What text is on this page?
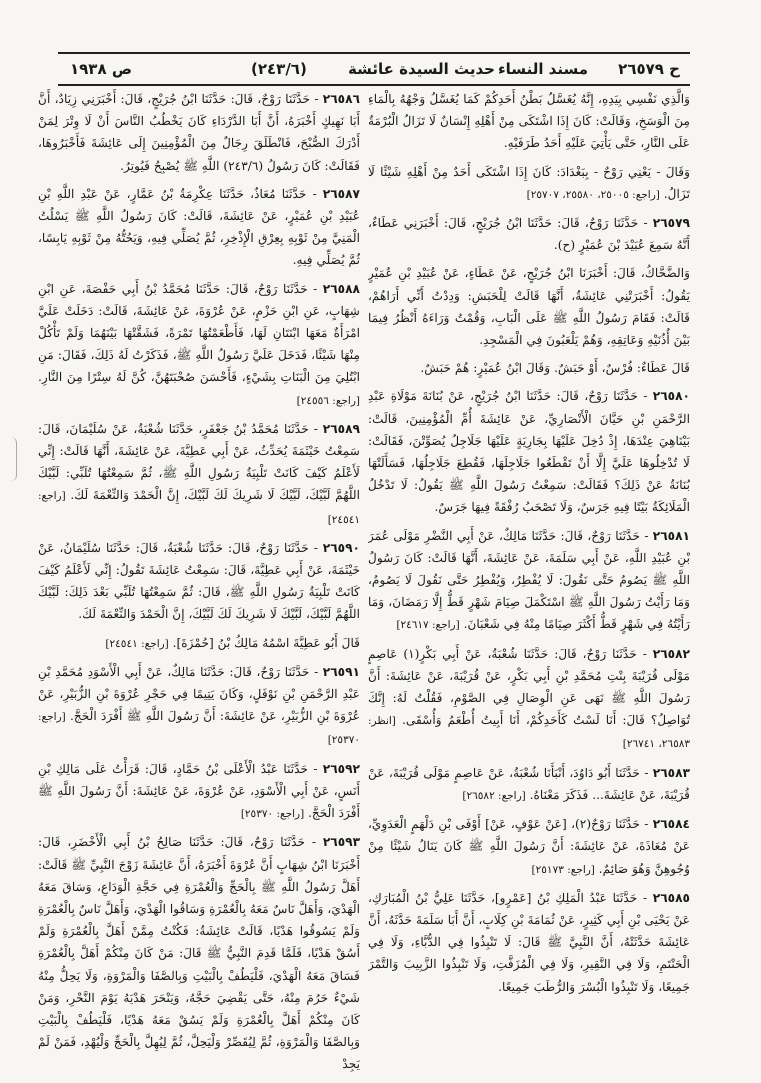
ص ١٩٣٨	(٢٤٣/٦)	حديث السيدة عائشة مسند النساء ح ٢٦٥٧٩

وَالَّذِي نَفْسِي بِيَدِهِ، إِنَّهُ يُغَسَّلُ بَطْنُ أَحَدِكُمْ كَمَا يُغَسَّلُ وَجْهُهُ بِالْمَاءِ مِنَ الْوَسَخِ، وَقَالَتْ: كَانَ إِذَا اشْتَكَى مِنْ أَهْلِهِ إِنْسَانٌ لَا تَزَالُ الْبُرْمَةُ عَلَى النَّارِ، حَتَّى يَأْتِيَ عَلَيْهِ أَحَدُ طَرَفَيْهِ.

وَقَالَ - يَعْنِي رَوْحٌ - بِبَغْدَادَ: كَانَ إِذَا اشْتَكَى أَحَدٌ مِنْ أَهْلِهِ شَيْئًا لَا تَزَالُ. [راجع: ٢٥٠٠٥، ٢٥٥٨٠، ٢٥٧٠٧]

٢٦٥٧٩ - حَدَّثَنَا رَوْحٌ، قَالَ: حَدَّثَنَا ابْنُ جُرَيْجٍ، قَالَ: أَخْبَرَنِي عَطَاءٌ، أَنَّهُ سَمِعَ عُبَيْدَ بْنَ عُمَيْرٍ (ح).

وَالضَّحَّاكُ، قَالَ: أَخْبَرَنَا ابْنُ جُرَيْجٍ، عَنْ عَطَاءٍ، عَنْ عُبَيْدِ بْنِ عُمَيْرٍ يَقُولُ: أَخْبَرَتْنِي عَائِشَةُ، أَنَّهَا قَالَتْ لِلْحَبَشِ: وَدِدْتُ أَنِّي أَرَاهُمْ، قَالَتْ: فَقَامَ رَسُولُ اللَّهِ ﷺ عَلَى الْبَابِ، وَقُمْتُ وَرَاءَهُ أَنْظُرُ فِيمَا بَيْنَ أُذُنَيْهِ وَعَاتِقِهِ، وَهُمْ يَلْعَبُونَ فِي الْمَسْجِدِ.

قَالَ عَطَاءٌ: فُرْسٌ، أَوْ حَبَشٌ. وَقَالَ ابْنُ عُمَيْرٍ: هُمْ حَبَشٌ.

٢٦٥٨٠ - حَدَّثَنَا رَوْحٌ، قَالَ: حَدَّثَنَا ابْنُ جُرَيْجٍ، عَنْ بُنَانَةَ مَوْلَاةِ عَبْدِ الرَّحْمَنِ بْنِ حَيَّانَ الْأَنْصَارِيِّ، عَنْ عَائِشَةَ أُمِّ الْمُؤْمِنِينَ، قَالَتْ: بَيْنَاهِيَ عِنْدَهَا، إِذْ دُخِلَ عَلَيْهَا بِجَارِيَةٍ عَلَيْهَا جَلَاجِلُ يُصَوِّتْنَ، فَقَالَتْ: لَا تُدْخِلُوهَا عَلَيَّ إِلَّا أَنْ تَقْطَعُوا جَلَاجِلَهَا، فَقُطِعَ جَلَاجِلُهَا، فَسَأَلَتْهَا بُنَانَةُ عَنْ ذَلِكَ؟ فَقَالَتْ: سَمِعْتُ رَسُولَ اللَّهِ ﷺ يَقُولُ: لَا تَدْخُلُ الْمَلَائِكَةُ بَيْتًا فِيهِ جَرَسٌ، وَلَا تَصْحَبُ رُفْقَةً فِيهَا جَرَسٌ.

٢٦٥٨١ - حَدَّثَنَا رَوْحٌ، قَالَ: حَدَّثَنَا مَالِكٌ، عَنْ أَبِي النَّضْرِ مَوْلَى عُمَرَ بْنِ عُبَيْدِ اللَّهِ، عَنْ أَبِي سَلَمَةَ، عَنْ عَائِشَةَ، أَنَّهَا قَالَتْ: كَانَ رَسُولُ اللَّهِ ﷺ يَصُومُ حَتَّى نَقُولَ: لَا يُفْطِرُ، وَيُفْطِرُ حَتَّى نَقُولَ لَا يَصُومُ، وَمَا رَأَيْتُ رَسُولَ اللَّهِ ﷺ اسْتَكْمَلَ صِيَامَ شَهْرٍ قَطُّ إِلَّا رَمَضَانَ، وَمَا رَأَيْتُهُ فِي شَهْرٍ قَطُّ أَكْثَرَ صِيَامًا مِنْهُ فِي شَعْبَانَ. [راجع: ٢٤٦١٧]

٢٦٥٨٢ - حَدَّثَنَا رَوْحٌ، قَالَ: حَدَّثَنَا شُعْبَةُ، عَنْ أَبِي بَكْرٍ(١) عَاصِمٍ مَوْلَى قُرَيْبَةَ بِنْتِ مُحَمَّدِ بْنِ أَبِي بَكْرٍ، عَنْ قُرَيْبَةَ، عَنْ عَائِشَةَ: أَنَّ رَسُولَ اللَّهِ ﷺ نَهَى عَنِ الْوِصَالِ فِي الصَّوْمِ، فَقُلْتُ لَهُ: إِنَّكَ تُوَاصِلُ؟ قَالَ: أَنَا لَسْتُ كَأَحَدِكُمْ، أَنَا أَبِيتُ أُطْعَمُ وَأُسْقَى. [انظر: ٢٦٥٨٣، ٢٦٧٤١]

٢٦٥٨٣ - حَدَّثَنَا أَبُو دَاوُدَ، أَنْبَأَنَا شُعْبَةُ، عَنْ عَاصِمٍ مَوْلَى قُرَيْبَةَ، عَنْ قُرَيْبَةَ، عَنْ عَائِشَةَ... فَذَكَرَ مَعْنَاهُ. [راجع: ٢٦٥٨٢]

٢٦٥٨٤ - حَدَّثَنَا رَوْحٌ(٢)، [عَنْ عَوْفٍ، عَنْ] أَوْفَى بْنِ دَلْهَمٍ الْعَدَوِيِّ، عَنْ مُعَاذَةَ، عَنْ عَائِشَةَ: أَنَّ رَسُولَ اللَّهِ ﷺ كَانَ يَنَالُ شَيْئًا مِنْ وُجُوهِنَّ وَهُوَ صَائِمٌ. [راجع: ٢٥١٧٣]

٢٦٥٨٥ - حَدَّثَنَا عَبْدُ الْمَلِكِ بْنُ [عَمْرٍو]، حَدَّثَنَا عَلِيُّ بْنُ الْمُبَارَكِ، عَنْ يَحْيَى بْنِ أَبِي كَثِيرٍ، عَنْ ثُمَامَةَ بْنِ كِلَابٍ، أَنَّ أَبَا سَلَمَةَ حَدَّثَهُ، أَنَّ عَائِشَةَ حَدَّثَتْهُ، أَنَّ النَّبِيَّ ﷺ قَالَ: لَا تَنْبِذُوا فِي الدُّبَّاءِ، وَلَا فِي الْحَنْتَمِ، وَلَا فِي النَّقِيرِ، وَلَا فِي الْمُزَفَّتِ، وَلَا تَنْبِذُوا الزَّبِيبَ وَالتَّمْرَ جَمِيعًا، وَلَا تَنْبِذُوا الْبُسْرَ وَالرُّطَبَ جَمِيعًا.

٢٦٥٨٦ - حَدَّثَنَا رَوْحٌ، قَالَ: حَدَّثَنَا ابْنُ جُرَيْجٍ، قَالَ: أَخْبَرَنِي زِيَادٌ، أَنَّ أَبَا نَهِيكٍ أَخْبَرَهُ، أَنَّ أَبَا الدَّرْدَاءِ كَانَ يَخْطُبُ النَّاسَ أَنْ لَا وِتْرَ لِمَنْ أَدْرَكَ الصُّبْحَ، فَانْطَلَقَ رِجَالٌ مِنَ الْمُؤْمِنِينَ إِلَى عَائِشَةَ فَأَخْبَرُوهَا، فَقَالَتْ: كَانَ رَسُولُ (٢٤٣/٦) اللَّهِ ﷺ يُصْبِحُ فَيُوتِرُ.

٢٦٥٨٧ - حَدَّثَنَا مُعَاذٌ، حَدَّثَنَا عِكْرِمَةُ بْنُ عَمَّارٍ، عَنْ عَبْدِ اللَّهِ بْنِ عُبَيْدِ بْنِ عُمَيْرٍ، عَنْ عَائِشَةَ، قَالَتْ: كَانَ رَسُولُ اللَّهِ ﷺ يَسْلُتُ الْمَنِيَّ مِنْ ثَوْبِهِ بِعِرْقِ الْإِذْخِرِ، ثُمَّ يُصَلِّي فِيهِ، وَيَحُتُّهُ مِنْ ثَوْبِهِ يَابِسًا، ثُمَّ يُصَلِّي فِيهِ.

٢٦٥٨٨ - حَدَّثَنَا رَوْحٌ، قَالَ: حَدَّثَنَا مُحَمَّدُ بْنُ أَبِي حَفْصَةَ، عَنِ ابْنِ شِهَابٍ، عَنِ ابْنِ حَزْمٍ، عَنْ عُرْوَةَ، عَنْ عَائِشَةَ، قَالَتْ: دَخَلَتْ عَلَيَّ امْرَأَةٌ مَعَهَا ابْنَتَانِ لَهَا، فَأَطْعَمْتُهَا تَمْرَةً، فَشَقَّتْهَا بَيْنَهُمَا وَلَمْ تَأْكُلْ مِنْهَا شَيْئًا، فَدَخَلَ عَلَيَّ رَسُولُ اللَّهِ ﷺ، فَذَكَرْتُ لَهُ ذَلِكَ، فَقَالَ: مَنِ ابْتُلِيَ مِنَ الْبَنَاتِ بِشَيْءٍ، فَأَحْسَنَ صُحْبَتَهُنَّ، كُنَّ لَهُ سِتْرًا مِنَ النَّارِ. [راجع: ٢٤٥٥٦]

٢٦٥٨٩ - حَدَّثَنَا مُحَمَّدُ بْنُ جَعْفَرٍ، حَدَّثَنَا شُعْبَةُ، عَنْ سُلَيْمَانَ، قَالَ: سَمِعْتُ خَيْثَمَةَ يُحَدِّثُ، عَنْ أَبِي عَطِيَّةَ، عَنْ عَائِشَةَ، أَنَّهَا قَالَتْ: إِنِّي لَأَعْلَمُ كَيْفَ كَانَتْ تَلْبِيَةُ رَسُولِ اللَّهِ ﷺ، ثُمَّ سَمِعْتُهَا تُلَبِّي: لَبَّيْكَ اللَّهُمَّ لَبَّيْكَ، لَبَّيْكَ لَا شَرِيكَ لَكَ لَبَّيْكَ، إِنَّ الْحَمْدَ وَالنِّعْمَةَ لَكَ. [راجع: ٢٤٥٤١]

٢٦٥٩٠ - حَدَّثَنَا رَوْحٌ، قَالَ: حَدَّثَنَا شُعْبَةُ، قَالَ: حَدَّثَنَا سُلَيْمَانُ، عَنْ خَيْثَمَةَ، عَنْ أَبِي عَطِيَّةَ، قَالَ: سَمِعْتُ عَائِشَةَ تَقُولُ: إِنِّي لَأَعْلَمُ كَيْفَ كَانَتْ تَلْبِيَةُ رَسُولِ اللَّهِ ﷺ، قَالَ: ثُمَّ سَمِعْتُهَا تُلَبِّي بَعْدَ ذَلِكَ: لَبَّيْكَ اللَّهُمَّ لَبَّيْكَ، لَبَّيْكَ لَا شَرِيكَ لَكَ لَبَّيْكَ، إِنَّ الْحَمْدَ وَالنِّعْمَةَ لَكَ.

قَالَ أَبُو عَطِيَّةَ اسْمُهُ مَالِكُ بْنُ [حُمْزَةَ]. [راجع: ٢٤٥٤١]

٢٦٥٩١ - حَدَّثَنَا رَوْحٌ، قَالَ: حَدَّثَنَا مَالِكٌ، عَنْ أَبِي الْأَسْوَدِ مُحَمَّدِ بْنِ عَبْدِ الرَّحْمَنِ بْنِ نَوْفَلٍ، وَكَانَ يَتِيمًا فِي حَجْرِ عُرْوَةَ بْنِ الزُّبَيْرِ، عَنْ عُرْوَةَ بْنِ الزُّبَيْرِ، عَنْ عَائِشَةَ: أَنَّ رَسُولَ اللَّهِ ﷺ أَفْرَدَ الْحَجَّ. [راجع: ٢٥٣٧٠]

٢٦٥٩٢ - حَدَّثَنَا عَبْدُ الْأَعْلَى بْنُ حَمَّادٍ، قَالَ: قَرَأْتُ عَلَى مَالِكِ بْنِ أَنَسٍ، عَنْ أَبِي الْأَسْوَدِ، عَنْ عُرْوَةَ، عَنْ عَائِشَةَ: أَنَّ رَسُولَ اللَّهِ ﷺ أَفْرَدَ الْحَجَّ. [راجع: ٢٥٣٧٠]

٢٦٥٩٣ - حَدَّثَنَا رَوْحٌ، قَالَ: حَدَّثَنَا صَالِحُ بْنُ أَبِي الْأَخْضَرِ، قَالَ: أَخْبَرَنَا ابْنُ شِهَابٍ أَنَّ عُرْوَةَ أَخْبَرَهُ، أَنَّ عَائِشَةَ زَوْجَ النَّبِيِّ ﷺ قَالَتْ: أَهَلَّ رَسُولُ اللَّهِ ﷺ بِالْحَجِّ وَالْعُمْرَةِ فِي حَجَّةِ الْوَدَاعِ، وَسَاقَ مَعَهُ الْهَدْيَ، وَأَهَلَّ نَاسٌ مَعَهُ بِالْعُمْرَةِ وَسَاقُوا الْهَدْيَ، وَأَهَلَّ نَاسٌ بِالْعُمْرَةِ وَلَمْ يَسُوقُوا هَدْيًا، قَالَتْ عَائِشَةُ: فَكُنْتُ مِمَّنْ أَهَلَّ بِالْعُمْرَةِ وَلَمْ أَسُقْ هَدْيًا، فَلَمَّا قَدِمَ النَّبِيُّ ﷺ قَالَ: مَنْ كَانَ مِنْكُمْ أَهَلَّ بِالْعُمْرَةِ فَسَاقَ مَعَهُ الْهَدْيَ، فَلْيَطُفْ بِالْبَيْتِ وَبِالصَّفَا وَالْمَرْوَةِ، وَلَا يَحِلُّ مِنْهُ شَيْءٌ حَرُمَ مِنْهُ، حَتَّى يَقْضِيَ حَجَّهُ، وَيَنْحَرَ هَدْيَهُ يَوْمَ النَّحْرِ، وَمَنْ كَانَ مِنْكُمْ أَهَلَّ بِالْعُمْرَةِ وَلَمْ يَسُقْ مَعَهُ هَدْيًا، فَلْيَطُفْ بِالْبَيْتِ وَبِالصَّفَا وَالْمَرْوَةِ، ثُمَّ لِيُقَصِّرْ وَلْيَحِلَّ، ثُمَّ لِيُهِلَّ بِالْحَجِّ وَلْيُهْدِ، فَمَنْ لَمْ يَجِدْ
